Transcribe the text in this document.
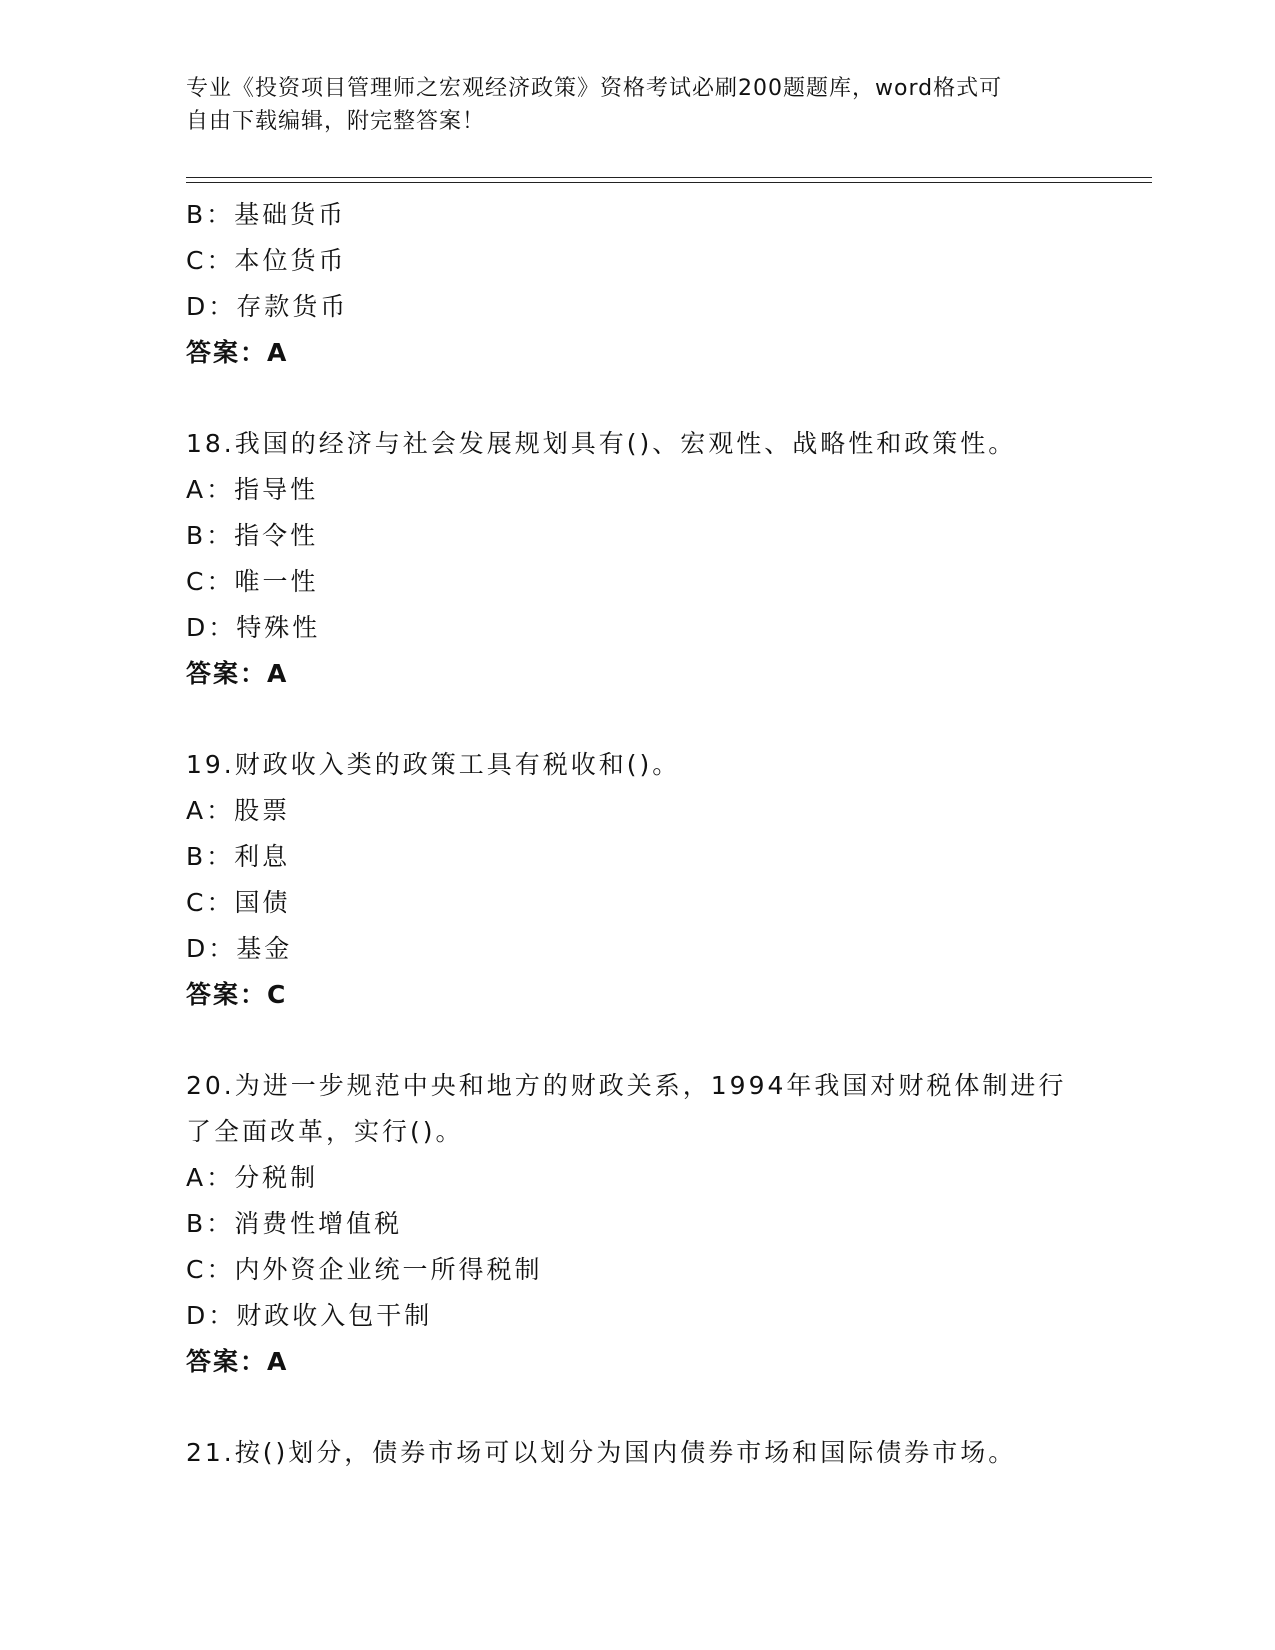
专业《投资项目管理师之宏观经济政策》资格考试必刷200题题库，word格式可
自由下载编辑，附完整答案！
B：基础货币
C：本位货币
D：存款货币
答案：A
18.我国的经济与社会发展规划具有()、宏观性、战略性和政策性。
A：指导性
B：指令性
C：唯一性
D：特殊性
答案：A
19.财政收入类的政策工具有税收和()。
A：股票
B：利息
C：国债
D：基金
答案：C
20.为进一步规范中央和地方的财政关系，1994年我国对财税体制进行
了全面改革，实行()。
A：分税制
B：消费性增值税
C：内外资企业统一所得税制
D：财政收入包干制
答案：A
21.按()划分，债券市场可以划分为国内债券市场和国际债券市场。
